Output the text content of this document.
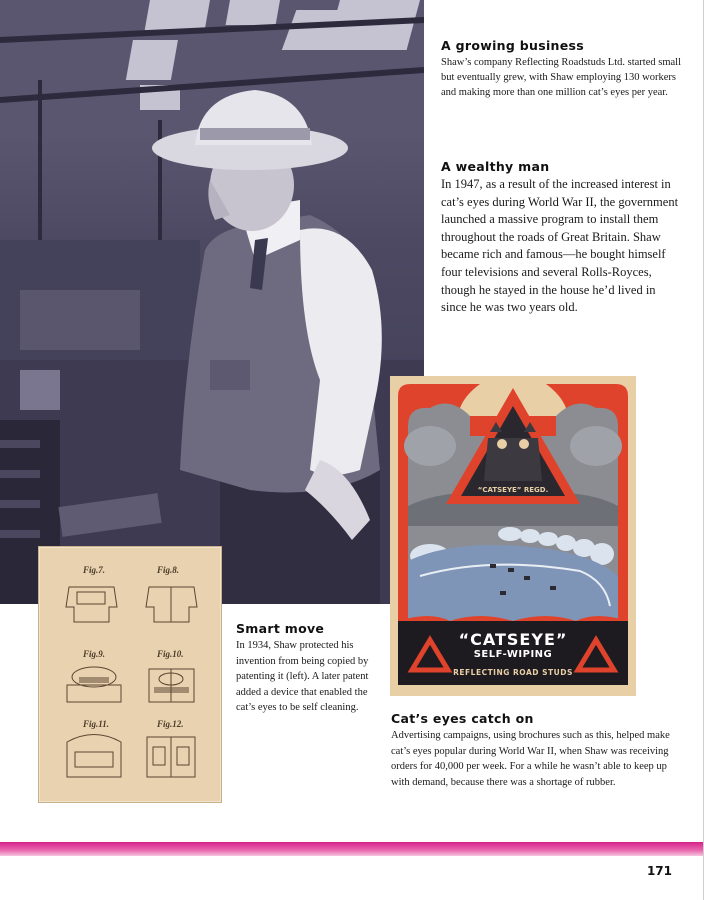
A growing business

Shaw’s company Reflecting Roadstuds Ltd. started small but eventually grew, with Shaw employing 130 workers and making more than one million cat’s eyes per year.

A wealthy man

In 1947, as a result of the increased interest in cat’s eyes during World War II, the government launched a massive program to install them throughout the roads of Great Britain. Shaw became rich and famous—he bought himself four televisions and several Rolls-Royces, though he stayed in the house he’d lived in since he was two years old.

Fig.7.	Fig.8.
Fig.9.	Fig.10.
Fig.11.	Fig.12.
Smart move

In 1934, Shaw protected his invention from being copied by patenting it (left). A later patent added a device that enabled the cat’s eyes to be self cleaning.

“CATSEYE” REGD.
“CATSEYE”
SELF-WIPING
REFLECTING ROAD STUDS
Cat’s eyes catch on

Advertising campaigns, using brochures such as this, helped make cat’s eyes popular during World War II, when Shaw was receiving orders for 40,000 per week. For a while he wasn’t able to keep up with demand, because there was a shortage of rubber.

171
